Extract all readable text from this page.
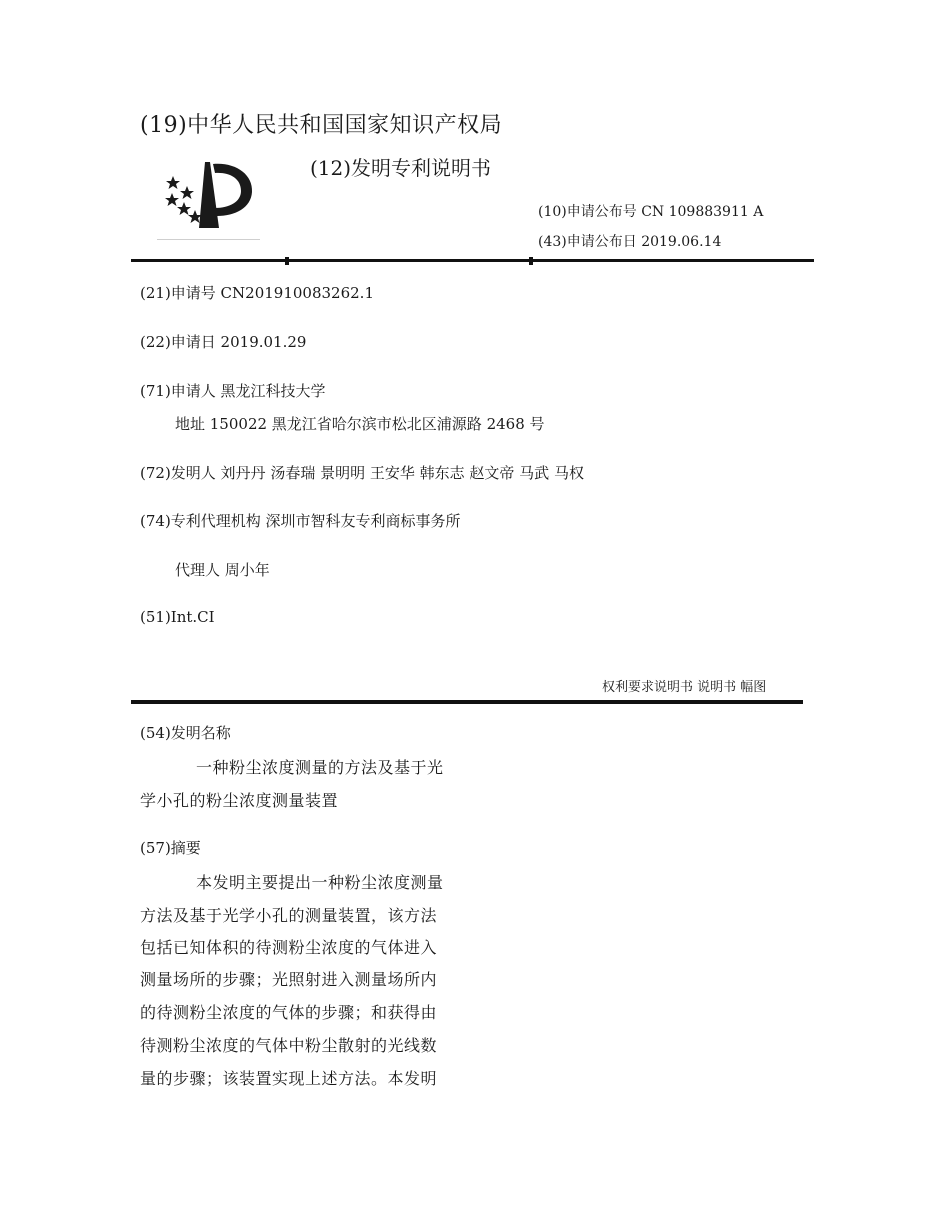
(19)中华人民共和国国家知识产权局
(12)发明专利说明书
(10)申请公布号 CN 109883911 A
(43)申请公布日 2019.06.14
(21)申请号 CN201910083262.1
(22)申请日 2019.01.29
(71)申请人 黑龙江科技大学
地址 150022 黑龙江省哈尔滨市松北区浦源路 2468 号
(72)发明人 刘丹丹 汤春瑞 景明明 王安华 韩东志 赵文帝 马武 马权
(74)专利代理机构 深圳市智科友专利商标事务所
代理人 周小年
(51)Int.CI
权利要求说明书 说明书 幅图
(54)发明名称
一种粉尘浓度测量的方法及基于光
学小孔的粉尘浓度测量装置
(57)摘要
本发明主要提出一种粉尘浓度测量
方法及基于光学小孔的测量装置，该方法
包括已知体积的待测粉尘浓度的气体进入
测量场所的步骤；光照射进入测量场所内
的待测粉尘浓度的气体的步骤；和获得由
待测粉尘浓度的气体中粉尘散射的光线数
量的步骤；该装置实现上述方法。本发明
